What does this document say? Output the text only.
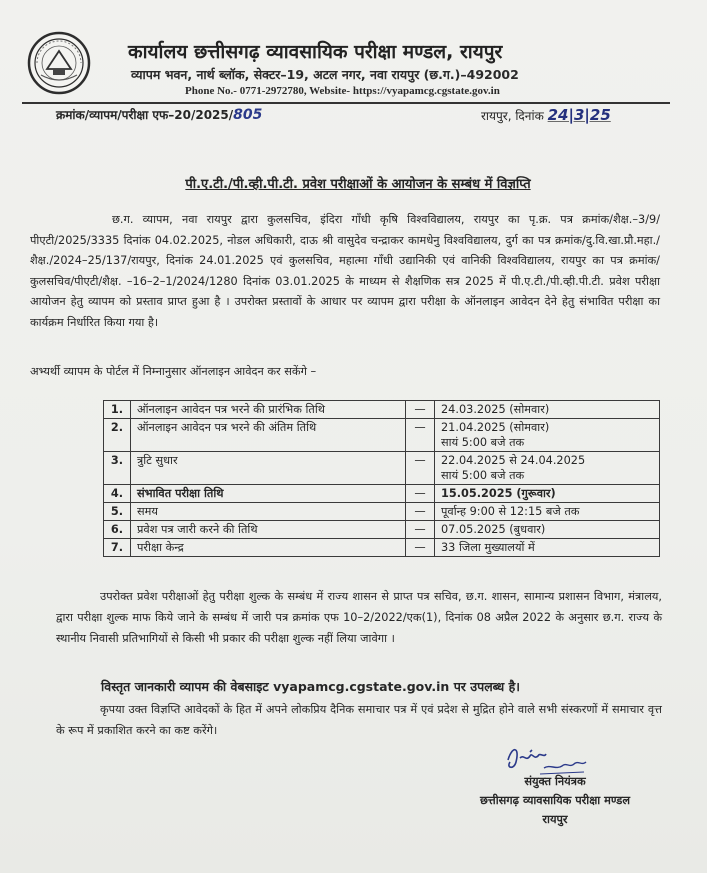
कार्यालय छत्तीसगढ़ व्यावसायिक परीक्षा मण्डल, रायपुर
व्यापम भवन, नार्थ ब्लॉक, सेक्टर–19, अटल नगर, नवा रायपुर (छ.ग.)–492002
Phone No.- 0771-2972780, Website- https://vyapamcg.cgstate.gov.in
क्रमांक/व्यापम/परीक्षा एफ–20/2025/805	रायपुर, दिनांक 24|3|25
पी.ए.टी./पी.व्ही.पी.टी. प्रवेश परीक्षाओं के आयोजन के सम्बंध में विज्ञप्ति
छ.ग. व्यापम, नवा रायपुर द्वारा कुलसचिव, इंदिरा गाँधी कृषि विश्वविद्यालय, रायपुर का पृ.क्र. पत्र क्रमांक/शैक्ष.–3/9/पीएटी/2025/3335 दिनांक 04.02.2025, नोडल अधिकारी, दाऊ श्री वासुदेव चन्द्राकर कामधेनु विश्वविद्यालय, दुर्ग का पत्र क्रमांक/दु.वि.खा.प्रौ.महा./शैक्ष./2024–25/137/रायपुर, दिनांक 24.01.2025 एवं कुलसचिव, महात्मा गाँधी उद्यानिकी एवं वानिकी विश्वविद्यालय, रायपुर का पत्र क्रमांक/कुलसचिव/पीएटी/शैक्ष. –16–2–1/2024/1280 दिनांक 03.01.2025 के माध्यम से शैक्षणिक सत्र 2025 में पी.ए.टी./पी.व्ही.पी.टी. प्रवेश परीक्षा आयोजन हेतु व्यापम को प्रस्ताव प्राप्त हुआ है । उपरोक्त प्रस्तावों के आधार पर व्यापम द्वारा परीक्षा के ऑनलाइन आवेदन देने हेतु संभावित परीक्षा का कार्यक्रम निर्धारित किया गया है।
अभ्यर्थी व्यापम के पोर्टल में निम्नानुसार ऑनलाइन आवेदन कर सकेंगे –
1.	ऑनलाइन आवेदन पत्र भरने की प्रारंभिक तिथि	—	24.03.2025 (सोमवार)

2.	ऑनलाइन आवेदन पत्र भरने की अंतिम तिथि	—	21.04.2025 (सोमवार)
सायं 5:00 बजे तक

3.	त्रुटि सुधार	—	22.04.2025 से 24.04.2025
सायं 5:00 बजे तक

4.	संभावित परीक्षा तिथि	—	15.05.2025 (गुरूवार)

5.	समय	—	पूर्वान्ह 9:00 से 12:15 बजे तक

6.	प्रवेश पत्र जारी करने की तिथि	—	07.05.2025 (बुधवार)

7.	परीक्षा केन्द्र	—	33 जिला मुख्यालयों में
उपरोक्त प्रवेश परीक्षाओं हेतु परीक्षा शुल्क के सम्बंध में राज्य शासन से प्राप्त पत्र सचिव, छ.ग. शासन, सामान्य प्रशासन विभाग, मंत्रालय, द्वारा परीक्षा शुल्क माफ किये जाने के सम्बंध में जारी पत्र क्रमांक एफ 10–2/2022/एक(1), दिनांक 08 अप्रैल 2022 के अनुसार छ.ग. राज्य के स्थानीय निवासी प्रतिभागियों से किसी भी प्रकार की परीक्षा शुल्क नहीं लिया जावेगा ।
विस्तृत जानकारी व्यापम की वेबसाइट vyapamcg.cgstate.gov.in पर उपलब्ध है।
कृपया उक्त विज्ञप्ति आवेदकों के हित में अपने लोकप्रिय दैनिक समाचार पत्र में एवं प्रदेश से मुद्रित होने वाले सभी संस्करणों में समाचार वृत्त के रूप में प्रकाशित करने का कष्ट करेंगे।
संयुक्त नियंत्रक
छत्तीसगढ़ व्यावसायिक परीक्षा मण्डल
रायपुर
